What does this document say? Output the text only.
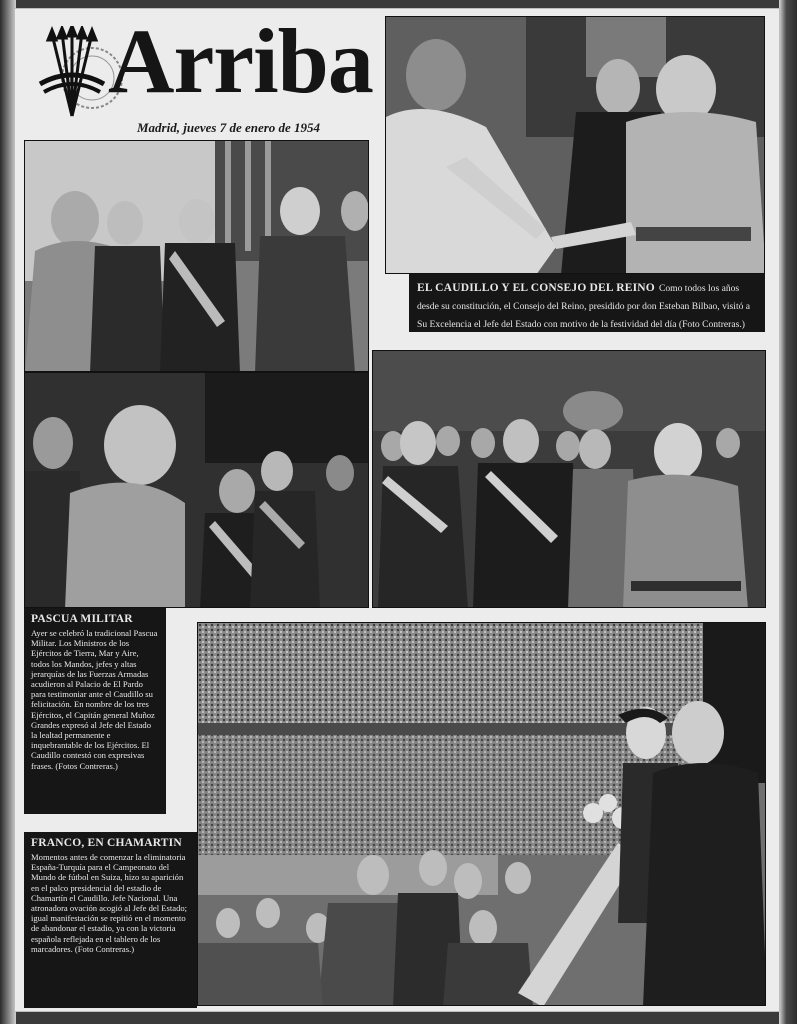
Arriba
Madrid, jueves 7 de enero de 1954
EL CAUDILLO Y EL CONSEJO DEL REINO Como todos los años desde su constitución, el Consejo del Reino, presidido por don Esteban Bilbao, visitó a Su Excelencia el Jefe del Estado con motivo de la festividad del día (Foto Contreras.)
PASCUA MILITAR
Ayer se celebró la tradicional Pascua Militar. Los Ministros de los Ejércitos de Tierra, Mar y Aire, todos los Mandos, jefes y altas jerarquías de las Fuerzas Armadas acudieron al Palacio de El Pardo para testimoniar ante el Caudillo su felicitación. En nombre de los tres Ejércitos, el Capitán general Muñoz Grandes expresó al Jefe del Estado la lealtad permanente e inquebrantable de los Ejércitos. El Caudillo contestó con expresivas frases. (Fotos Contreras.)
FRANCO, EN CHAMARTIN
Momentos antes de comenzar la eliminatoria España-Turquía para el Campeonato del Mundo de fútbol en Suiza, hizo su aparición en el palco presidencial del estadio de Chamartín el Caudillo. Jefe Nacional. Una atronadora ovación acogió al Jefe del Estado; igual manifestación se repitió en el momento de abandonar el estadio, ya con la victoria española reflejada en el tablero de los marcadores. (Foto Contreras.)
